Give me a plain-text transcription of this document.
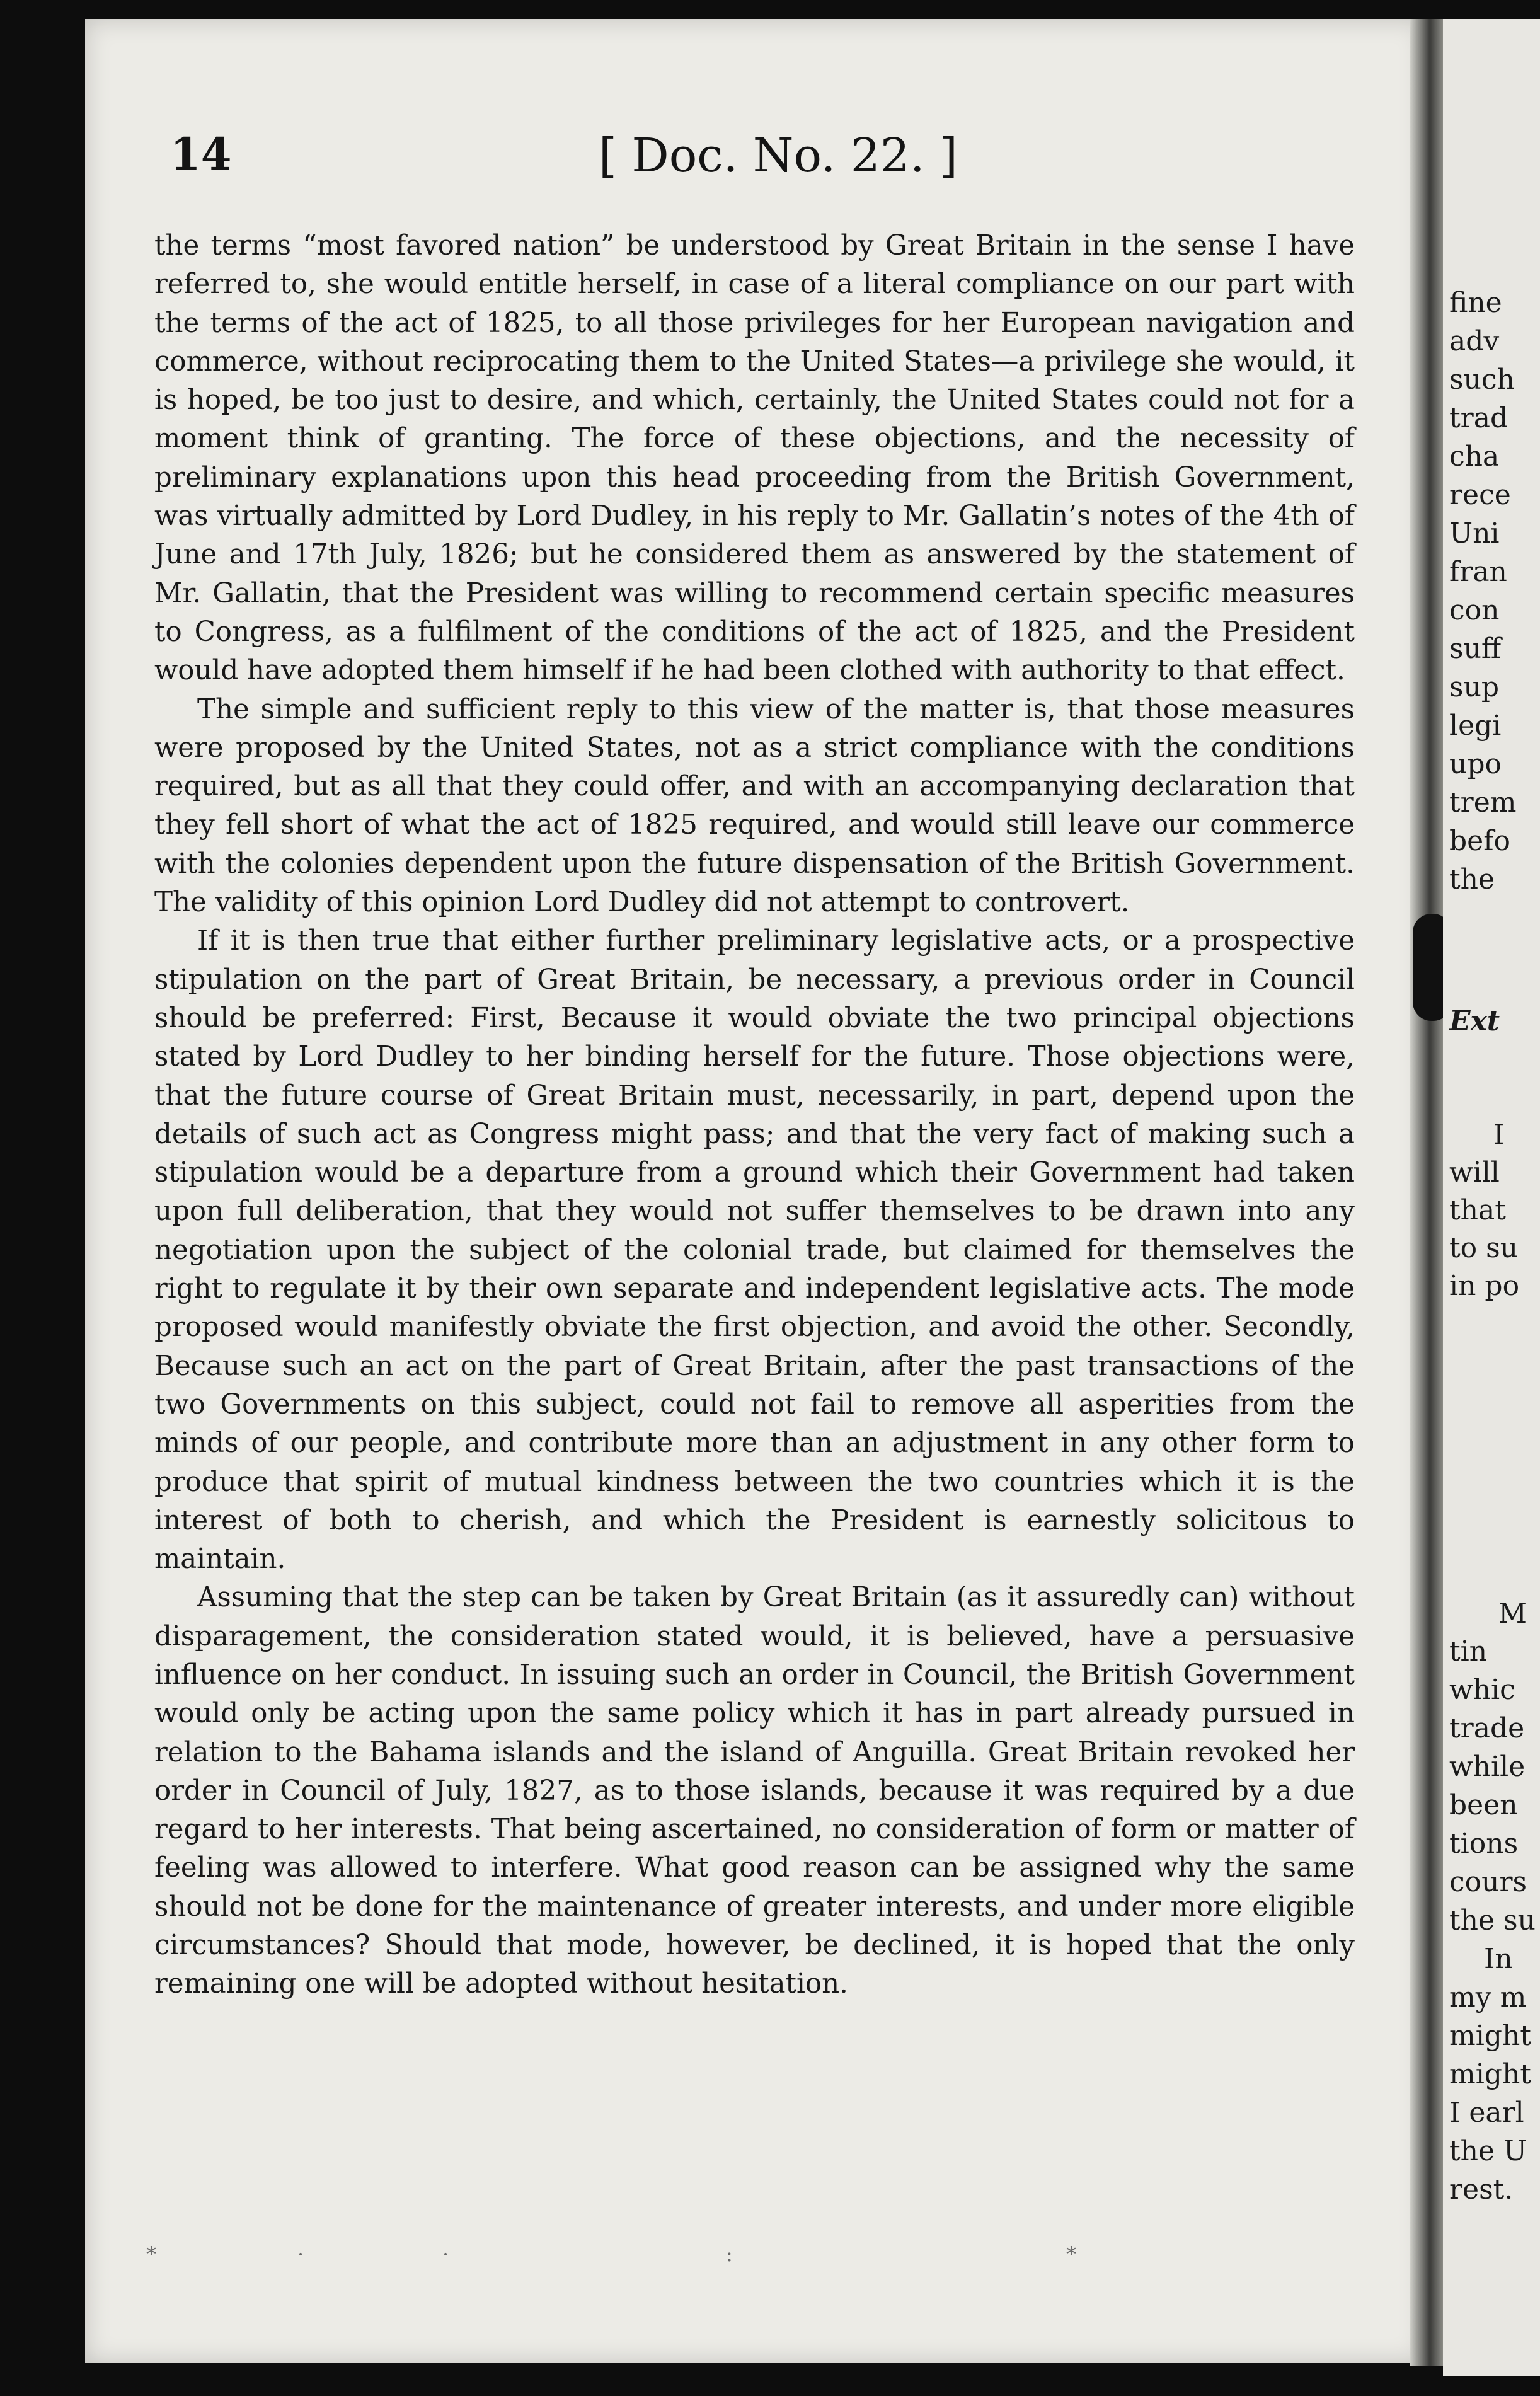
14	[ Doc. No. 22. ]

the terms “most favored nation” be understood by Great Britain in the sense I have referred to, she would entitle herself, in case of a literal compliance on our part with the terms of the act of 1825, to all those privileges for her European navigation and commerce, without reciprocating them to the United States—a privilege she would, it is hoped, be too just to desire, and which, certainly, the United States could not for a moment think of granting. The force of these objections, and the necessity of preliminary explanations upon this head proceeding from the British Government, was virtually admitted by Lord Dudley, in his reply to Mr. Gallatin’s notes of the 4th of June and 17th July, 1826; but he considered them as answered by the statement of Mr. Gallatin, that the President was willing to recommend certain specific measures to Congress, as a fulfilment of the conditions of the act of 1825, and the President would have adopted them himself if he had been clothed with authority to that effect.

The simple and sufficient reply to this view of the matter is, that those measures were proposed by the United States, not as a strict compliance with the conditions required, but as all that they could offer, and with an accompanying declaration that they fell short of what the act of 1825 required, and would still leave our commerce with the colonies dependent upon the future dispensation of the British Government. The validity of this opinion Lord Dudley did not attempt to controvert.

If it is then true that either further preliminary legislative acts, or a prospective stipulation on the part of Great Britain, be necessary, a previous order in Council should be preferred: First, Because it would obviate the two principal objections stated by Lord Dudley to her binding herself for the future. Those objections were, that the future course of Great Britain must, necessarily, in part, depend upon the details of such act as Congress might pass; and that the very fact of making such a stipulation would be a departure from a ground which their Government had taken upon full deliberation, that they would not suffer themselves to be drawn into any negotiation upon the subject of the colonial trade, but claimed for themselves the right to regulate it by their own separate and independent legislative acts. The mode proposed would manifestly obviate the first objection, and avoid the other. Secondly, Because such an act on the part of Great Britain, after the past transactions of the two Governments on this subject, could not fail to remove all asperities from the minds of our people, and contribute more than an adjustment in any other form to produce that spirit of mutual kindness between the two countries which it is the interest of both to cherish, and which the President is earnestly solicitous to maintain.

Assuming that the step can be taken by Great Britain (as it assuredly can) without disparagement, the consideration stated would, it is believed, have a persuasive influence on her conduct. In issuing such an order in Council, the British Government would only be acting upon the same policy which it has in part already pursued in relation to the Bahama islands and the island of Anguilla. Great Britain revoked her order in Council of July, 1827, as to those islands, because it was required by a due regard to her interests. That being ascertained, no consideration of form or matter of feeling was allowed to interfere. What good reason can be assigned why the same should not be done for the maintenance of greater interests, and under more eligible circumstances? Should that mode, however, be declined, it is hoped that the only remaining one will be adopted without hesitation.

*	·	·	:	*
fine
adv
such
trad
cha
rece
Uni
fran
con
suff
sup
legi
upo
trem
befo
the
Ext
I
will
that
to su
in po
M
tin
whic
trade
while
been
tions
cours
the su
In
my m
might
might
I earl
the U
rest.
